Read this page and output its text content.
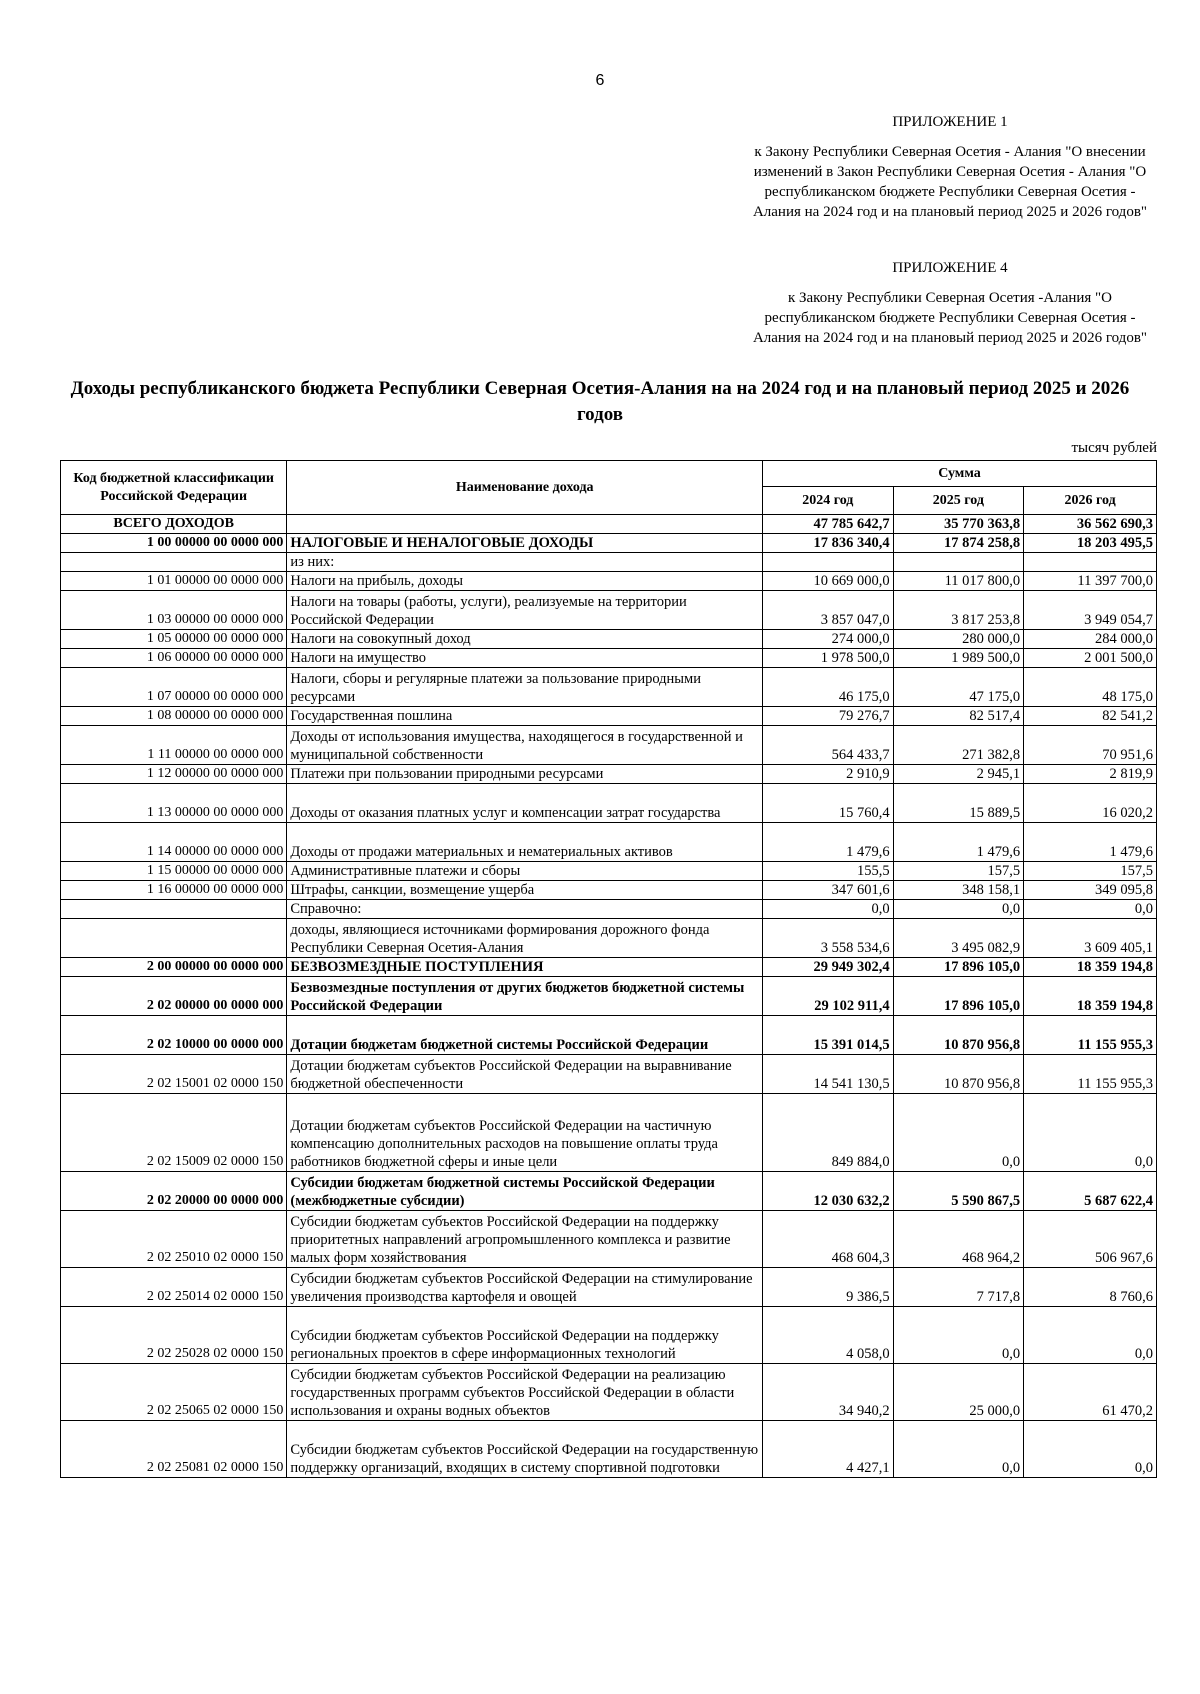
6
ПРИЛОЖЕНИЕ 1
к Закону Республики Северная Осетия - Алания "О внесении изменений в Закон Республики Северная Осетия - Алания "О республиканском бюджете Республики Северная Осетия - Алания на 2024 год и на плановый период 2025 и 2026 годов"
ПРИЛОЖЕНИЕ 4
к Закону Республики Северная Осетия -Алания "О республиканском бюджете Республики Северная Осетия - Алания на 2024 год и на плановый период 2025 и 2026 годов"
Доходы республиканского бюджета Республики Северная Осетия-Алания на на 2024 год и на плановый период 2025 и 2026 годов
тысяч рублей
Код бюджетной классификации Российской Федерации	Наименование дохода	Сумма		
		2024 год	2025 год	2026 год
ВСЕГО ДОХОДОВ		47 785 642,7	35 770 363,8	36 562 690,3
1 00 00000 00 0000 000	НАЛОГОВЫЕ И НЕНАЛОГОВЫЕ ДОХОДЫ	17 836 340,4	17 874 258,8	18 203 495,5
	из них:			
1 01 00000 00 0000 000	Налоги на прибыль, доходы	10 669 000,0	11 017 800,0	11 397 700,0
1 03 00000 00 0000 000	Налоги на товары (работы, услуги), реализуемые на территории Российской Федерации	3 857 047,0	3 817 253,8	3 949 054,7
1 05 00000 00 0000 000	Налоги на совокупный доход	274 000,0	280 000,0	284 000,0
1 06 00000 00 0000 000	Налоги на имущество	1 978 500,0	1 989 500,0	2 001 500,0
1 07 00000 00 0000 000	Налоги, сборы и регулярные платежи за пользование природными ресурсами	46 175,0	47 175,0	48 175,0
1 08 00000 00 0000 000	Государственная пошлина	79 276,7	82 517,4	82 541,2
1 11 00000 00 0000 000	Доходы от использования имущества, находящегося в государственной и муниципальной собственности	564 433,7	271 382,8	70 951,6
1 12 00000 00 0000 000	Платежи при пользовании природными ресурсами	2 910,9	2 945,1	2 819,9
1 13 00000 00 0000 000	Доходы от оказания платных услуг и компенсации затрат государства	15 760,4	15 889,5	16 020,2
1 14 00000 00 0000 000	Доходы от продажи материальных и нематериальных активов	1 479,6	1 479,6	1 479,6
1 15 00000 00 0000 000	Административные платежи и сборы	155,5	157,5	157,5
1 16 00000 00 0000 000	Штрафы, санкции, возмещение ущерба	347 601,6	348 158,1	349 095,8
	Справочно:	0,0	0,0	0,0
	доходы, являющиеся источниками формирования дорожного фонда Республики Северная Осетия-Алания	3 558 534,6	3 495 082,9	3 609 405,1
2 00 00000 00 0000 000	БЕЗВОЗМЕЗДНЫЕ ПОСТУПЛЕНИЯ	29 949 302,4	17 896 105,0	18 359 194,8
2 02 00000 00 0000 000	Безвозмездные поступления от других бюджетов бюджетной системы Российской Федерации	29 102 911,4	17 896 105,0	18 359 194,8
2 02 10000 00 0000 000	Дотации бюджетам бюджетной системы Российской Федерации	15 391 014,5	10 870 956,8	11 155 955,3
2 02 15001 02 0000 150	Дотации бюджетам субъектов Российской Федерации на выравнивание бюджетной обеспеченности	14 541 130,5	10 870 956,8	11 155 955,3
2 02 15009 02 0000 150	Дотации бюджетам субъектов Российской Федерации на частичную компенсацию дополнительных расходов на повышение оплаты труда работников бюджетной сферы и иные цели	849 884,0	0,0	0,0
2 02 20000 00 0000 000	Субсидии бюджетам бюджетной системы Российской Федерации (межбюджетные субсидии)	12 030 632,2	5 590 867,5	5 687 622,4
2 02 25010 02 0000 150	Субсидии бюджетам субъектов Российской Федерации на поддержку приоритетных направлений агропромышленного комплекса и развитие малых форм хозяйствования	468 604,3	468 964,2	506 967,6
2 02 25014 02 0000 150	Субсидии бюджетам субъектов Российской Федерации на стимулирование увеличения производства картофеля и овощей	9 386,5	7 717,8	8 760,6
2 02 25028 02 0000 150	Субсидии бюджетам субъектов Российской Федерации на поддержку региональных проектов в сфере информационных технологий	4 058,0	0,0	0,0
2 02 25065 02 0000 150	Субсидии бюджетам субъектов Российской Федерации на реализацию государственных программ субъектов Российской Федерации в области использования и охраны водных объектов	34 940,2	25 000,0	61 470,2
2 02 25081 02 0000 150	Субсидии бюджетам субъектов Российской Федерации на государственную поддержку организаций, входящих в систему спортивной подготовки	4 427,1	0,0	0,0
